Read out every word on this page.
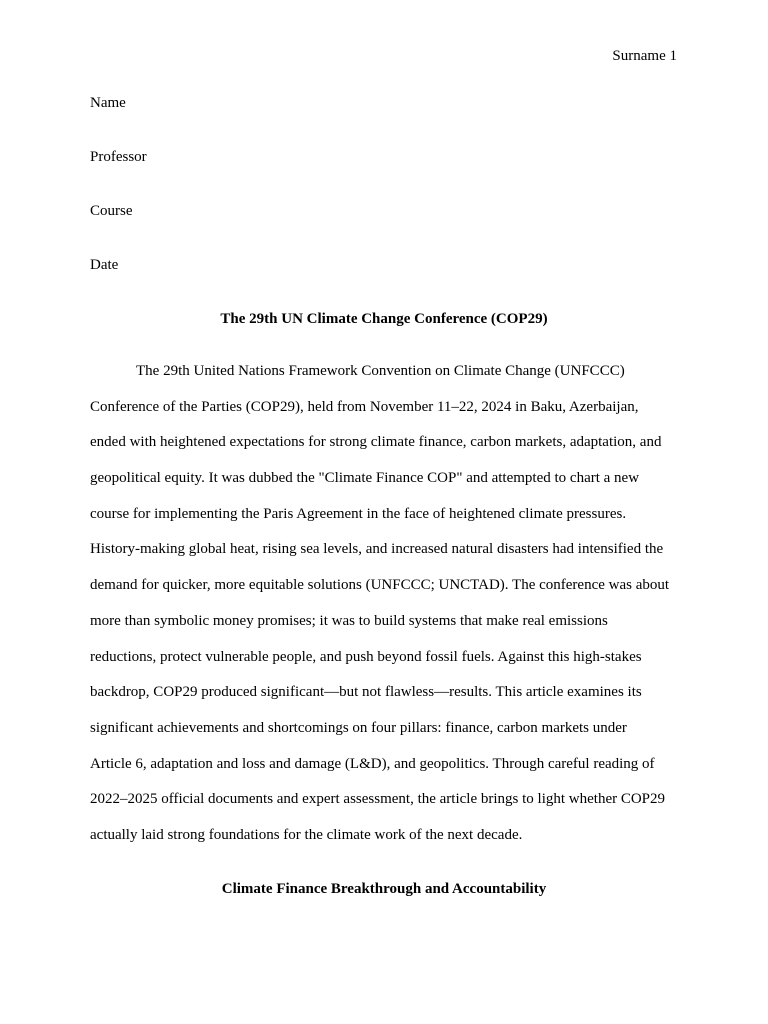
Surname 1
Name
Professor
Course
Date
The 29th UN Climate Change Conference (COP29)
The 29th United Nations Framework Convention on Climate Change (UNFCCC)
Conference of the Parties (COP29), held from November 11–22, 2024 in Baku, Azerbaijan,
ended with heightened expectations for strong climate finance, carbon markets, adaptation, and
geopolitical equity. It was dubbed the "Climate Finance COP" and attempted to chart a new
course for implementing the Paris Agreement in the face of heightened climate pressures.
History-making global heat, rising sea levels, and increased natural disasters had intensified the
demand for quicker, more equitable solutions (UNFCCC; UNCTAD). The conference was about
more than symbolic money promises; it was to build systems that make real emissions
reductions, protect vulnerable people, and push beyond fossil fuels. Against this high-stakes
backdrop, COP29 produced significant—but not flawless—results. This article examines its
significant achievements and shortcomings on four pillars: finance, carbon markets under
Article 6, adaptation and loss and damage (L&D), and geopolitics. Through careful reading of
2022–2025 official documents and expert assessment, the article brings to light whether COP29
actually laid strong foundations for the climate work of the next decade.
Climate Finance Breakthrough and Accountability
